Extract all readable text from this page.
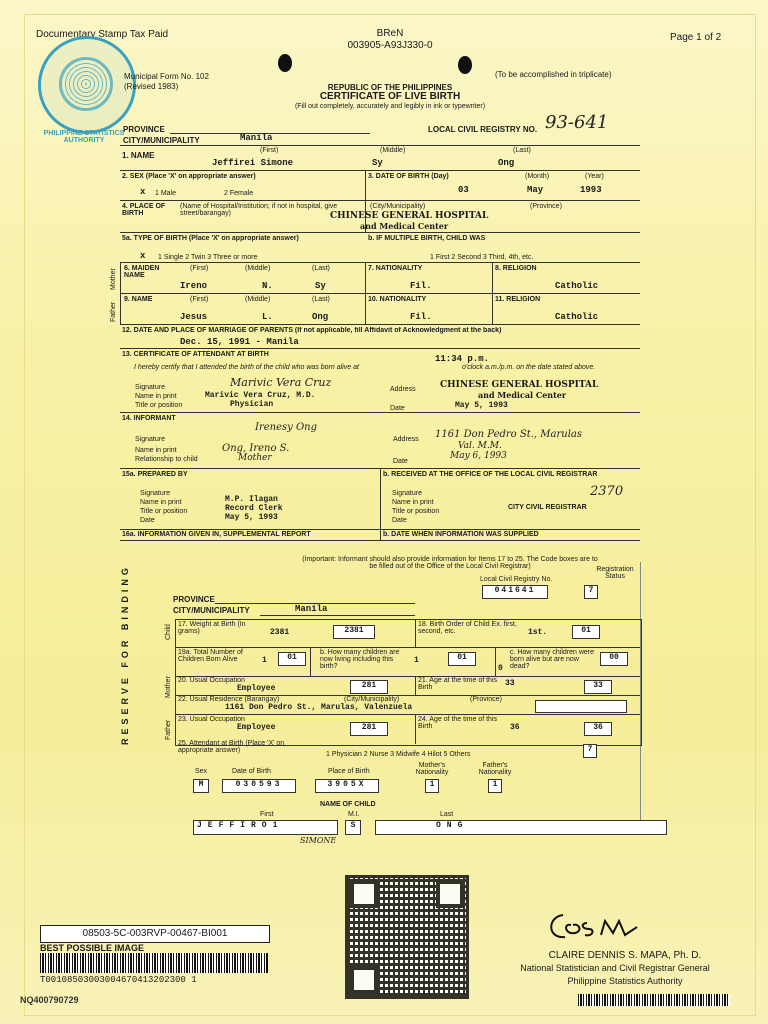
Documentary Stamp Tax Paid	BReN
003905-A93J330-0
Page 1 of 2
PHILIPPINE STATISTICS AUTHORITY
Municipal Form No. 102
(Revised 1983)	REPUBLIC OF THE PHILIPPINES
CERTIFICATE OF LIVE BIRTH
(Fill out completely, accurately and legibly in ink or typewriter)
(To be accomplished in triplicate)
PROVINCE
CITY/MUNICIPALITY	Manila
LOCAL CIVIL REGISTRY NO. 93-641
1. NAME
(First)	(Middle)	(Last)
Jeffirei Simone	Sy	Ong
2. SEX (Place 'X' on appropriate answer)
x 1 Male	2 Female
3. DATE OF BIRTH (Day)	(Month)	(Year)
03	May	1993
4. PLACE OF BIRTH
(Name of Hospital/Institution; if not in hospital, give street/barangay)
(City/Municipality)	(Province)
CHINESE GENERAL HOSPITAL
and Medical Center
5a. TYPE OF BIRTH (Place 'X' on appropriate answer)
x 1 Single 2 Twin 3 Three or more
b. IF MULTIPLE BIRTH, CHILD WAS
1 First 2 Second 3 Third, 4th, etc.
Mother 6. MAIDEN NAME
(First)	(Middle)	(Last)
Ireno	N.	Sy
7. NATIONALITY
Fil.
8. RELIGION
Catholic
Father
9. NAME	(First)	(Middle)	(Last)
Jesus	L.	Ong
10. NATIONALITY
Fil.
11. RELIGION
Catholic
12. DATE AND PLACE OF MARRIAGE OF PARENTS (If not applicable, fill Affidavit of Acknowledgment at the back)
Dec. 15, 1991 - Manila
13. CERTIFICATE OF ATTENDANT AT BIRTH
I hereby certify that I attended the birth of the child who was born alive at
11:34 p.m.
o'clock a.m./p.m. on the date stated above.
Signature
Name in print
Title or position
Marivic Vera Cruz
Marivic Vera Cruz, M.D.
Physician
Address	CHINESE GENERAL HOSPITAL
and Medical Center
Date	May 5, 1993
14. INFORMANT
Signature
Name in print
Relationship to child
Irenesy Ong
Ong, Ireno S.
Mother
Address 1161 Don Pedro St., Marulas
Val. M.M.
Date
May 6, 1993
15a. PREPARED BY
Signature
Name in print
Title or position
Date
M.P. Ilagan
Record Clerk
May 5, 1993
b. RECEIVED AT THE OFFICE OF THE LOCAL CIVIL REGISTRAR
2370
Signature
Name in print
Title or position
Date
CITY CIVIL REGISTRAR
16a. INFORMATION GIVEN IN, SUPPLEMENTAL REPORT	b. DATE WHEN INFORMATION WAS SUPPLIED
(Important: Informant should also provide information for Items 17 to 25. The Code boxes are to be filled out of the Office of the Local Civil Registrar)
RESERVE FOR BINDING	Local Civil Registry No.
Registration Status
041641	7
PROVINCE
CITY/MUNICIPALITY	Manila
Child
Mother
Father
17. Weight at Birth (In grams)	2381	2381
18. Birth Order of Child Ex. first, second, etc.	1st.	01
19a. Total Number of Children Born Alive	1	01
b. How many children are now living including this birth?
1	01
c. How many children were born alive but are now dead?
0
00
20. Usual Occupation
Employee	281
21. Age at the time of this Birth	33	33
22. Usual Residence (Barangay)	(City/Municipality)	(Province)
1161 Don Pedro St., Marulas, Valenzuela
23. Usual Occupation
Employee	281
24. Age of the time of this Birth	36	36
25. Attendant at Birth (Place 'X' on appropriate answer)
1 Physician 2 Nurse 3 Midwife 4 Hilot 5 Others
7
Sex	Date of Birth	Place of Birth
Mother's Nationality
Father's Nationality
M	030593	3905X	1	1
NAME OF CHILD
First	M.I.	Last
JEFFIRO1	S	ONG
SIMONE
08503-5C-003RVP-00467-BI001
BEST POSSIBLE IMAGE
T00108503003004670413202300 1
NQ400790729
CLAIRE DENNIS S. MAPA, Ph. D.
National Statistician and Civil Registrar General
Philippine Statistics Authority
